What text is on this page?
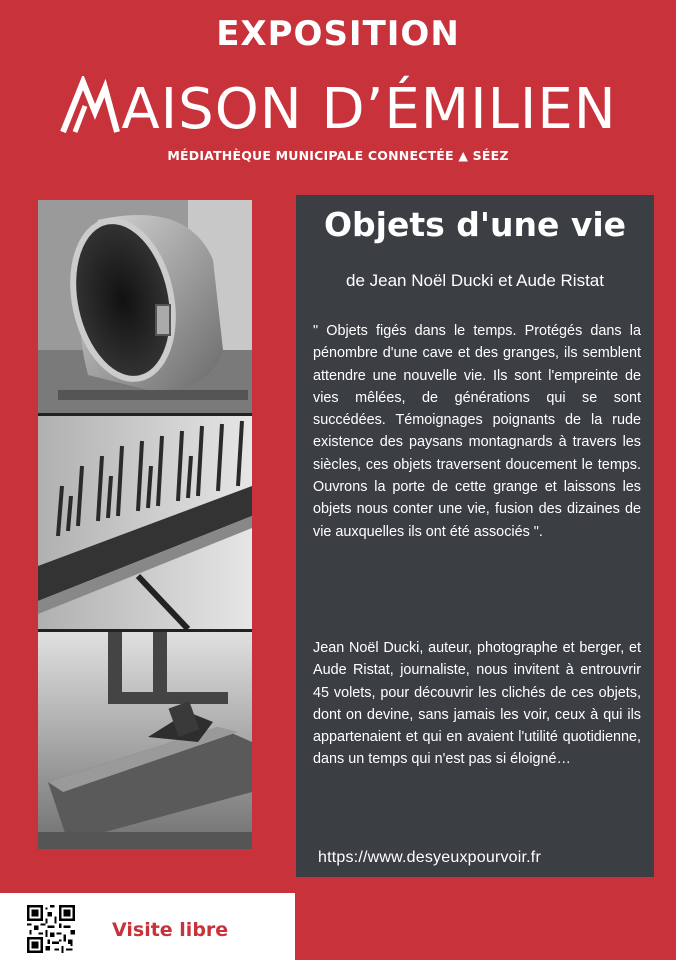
EXPOSITION
AISON D’ÉMILIEN
MÉDIATHÈQUE MUNICIPALE CONNECTÉE ▲ SÉEZ
Objets d'une vie
de Jean Noël Ducki et Aude Ristat
" Objets figés dans le temps. Protégés dans la pénombre d'une cave et des granges, ils semblent attendre une nouvelle vie. Ils sont l'empreinte de vies mêlées, de générations qui se sont succédées. Témoignages poignants de la rude existence des paysans montagnards à travers les siècles, ces objets traversent doucement le temps. Ouvrons la porte de cette grange et laissons les objets nous conter une vie, fusion des dizaines de vie auxquelles ils ont été associés ".
Jean Noël Ducki, auteur, photographe et berger, et Aude Ristat, journaliste, nous invitent à entrouvrir 45 volets, pour découvrir les clichés de ces objets, dont on devine, sans jamais les voir, ceux à qui ils appartenaient et qui en avaient l'utilité quotidienne, dans un temps qui n'est pas si éloigné…
https://www.desyeuxpourvoir.fr
Visite libre
